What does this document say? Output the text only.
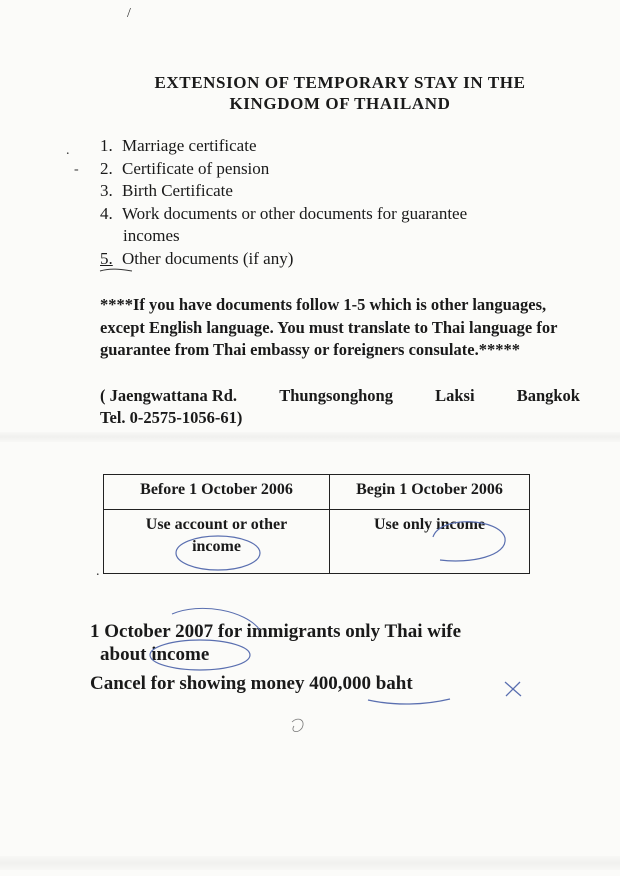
/
.
-
.
EXTENSION OF TEMPORARY STAY IN THE
KINGDOM OF THAILAND
1. Marriage certificate
2. Certificate of pension
3. Birth Certificate
4. Work documents or other documents for guarantee
incomes
5. Other documents (if any)
****If you have documents follow 1-5 which is other languages, except English language. You must translate to Thai language for guarantee from Thai embassy or foreigners consulate.*****
( Jaengwattana Rd.	Thungsonghong	Laksi	Bangkok
Tel. 0-2575-1056-61)
Before 1 October 2006	Begin 1 October 2006
Use account or other income	Use only income
1 October 2007 for immigrants only Thai wife
about income
Cancel for showing money 400,000 baht
